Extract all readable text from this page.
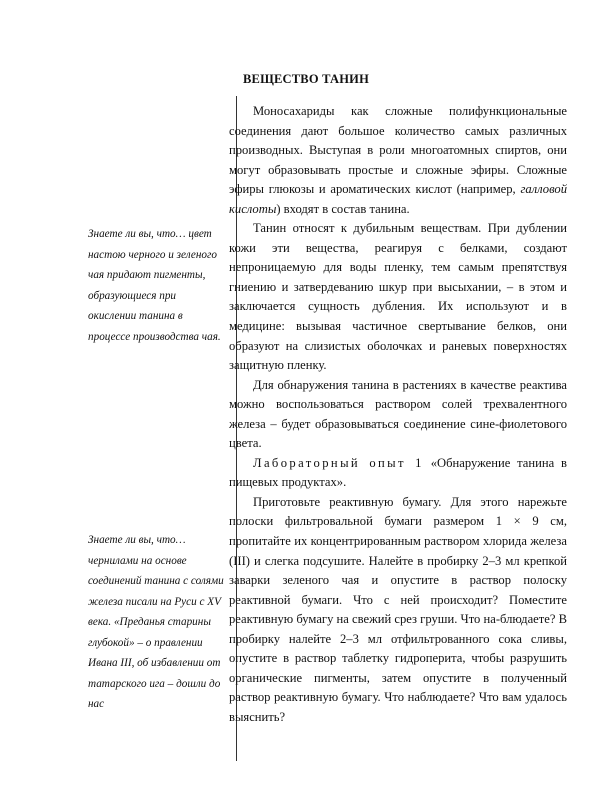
ВЕЩЕСТВО ТАНИН
Знаете ли вы, что… цвет настою черного и зеленого чая придают пигменты, образующиеся при окислении танина в процессе производства чая.
Знаете ли вы, что… чернилами на основе соединений танина с солями железа писали на Руси с XV века. «Преданья старины глубокой» – о правлении Ивана III, об избавлении от татарского ига – дошли до нас

Моносахариды как сложные полифункциональные соединения дают большое количество самых различных производных. Выступая в роли многоатомных спиртов, они могут образовывать простые и сложные эфиры. Сложные эфиры глюкозы и ароматических кислот (например, галловой кислоты) входят в состав танина.

Танин относят к дубильным веществам. При дублении кожи эти вещества, реагируя с белками, создают непроницаемую для воды пленку, тем самым препятствуя гниению и затвердеванию шкур при высыхании, – в этом и заключается сущность дубления. Их используют и в медицине: вызывая частичное свертывание белков, они образуют на слизистых оболочках и раневых поверхностях защитную пленку.

Для обнаружения танина в растениях в качестве реактива можно воспользоваться раствором солей трехвалентного железа – будет образовываться соединение сине-фиолетового цвета.

Лабораторный опыт 1 «Обнаружение танина в пищевых продуктах».

Приготовьте реактивную бумагу. Для этого нарежьте полоски фильтровальной бумаги размером 1 × 9 см, пропитайте их концентрированным раствором хлорида железа (III) и слегка подсушите. Налейте в пробирку 2–3 мл крепкой заварки зеленого чая и опустите в раствор полоску реактивной бумаги. Что с ней происходит? Поместите реактивную бумагу на свежий срез груши. Что на-блюдаете? В пробирку налейте 2–3 мл отфильтрованного сока сливы, опустите в раствор таблетку гидроперита, чтобы разрушить органические пигменты, затем опустите в полученный раствор реактивную бумагу. Что наблюдаете? Что вам удалось выяснить?
